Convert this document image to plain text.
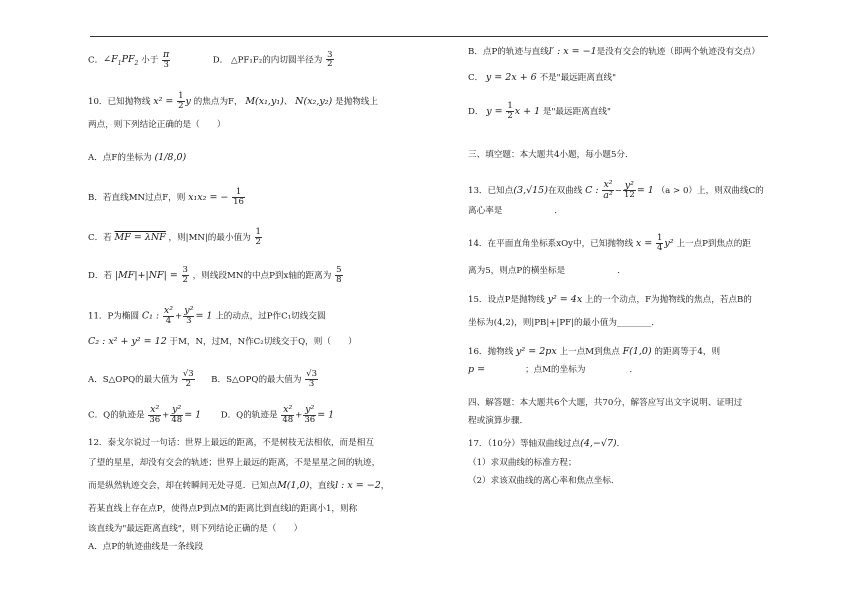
C．$\angle F_1PF_2$ 小于 $\frac{\pi}{3}$	D． △PF₁F₂的内切圆半径为 $\frac{3}{2}$
10．已知抛物线 $x^2 = \frac{1}{2}$ y 的焦点为F， M(x₁,y₁)、 N(x₂,y₂) 是抛物线上
两点，则下列结论正确的是（　　）
A．点F的坐标为 (1/8,0)
B．若直线MN过点F，则 x₁x₂ = − $\frac{1}{16}$
C．若 MF = λNF ，则|MN|的最小值为 $\frac{1}{2}$
D．若 $|MF|+|NF| = \frac{3}{2}$ ，则线段MN的中点P到x轴的距离为 $\frac{5}{8}$
11．P为椭圆 C₁ : $\frac{\text{x²}}{4} + \frac{\text{y²}}{3} = 1$ 上的动点，过P作C₁切线交圆
C₂ : x² + y² = 12 于M，N，过M，N作C₂切线交于Q，则（　　）
A．S△OPQ的最大值为 $\frac{√3}{2}$ B．S△OPQ的最大值为 $\frac{√3}{3}$
C．Q的轨迹是 $\frac{\text{x²}}{36} + \frac{\text{y²}}{48} = 1$ D．Q的轨迹是 $\frac{\text{x²}}{48} + \frac{\text{y²}}{36} = 1$
12．泰戈尔说过一句话：世界上最远的距离，不是树枝无法相依，而是相互
了望的星星，却没有交会的轨迹；世界上最远的距离，不是星星之间的轨迹，
而是纵然轨迹交会，却在转瞬间无处寻觅．已知点M(1,0)，直线l : x = −2，
若某直线上存在点P，使得点P到点M的距离比到直线l的距离小1，则称
该直线为"最远距离直线"，则下列结论正确的是（　　）
A．点P的轨迹曲线是一条线段
B．点P的轨迹与直线l′ : x = −1是没有交会的轨迹（即两个轨迹没有交点）
C． y = 2x + 6 不是"最远距离直线"
D． $y = \frac{1}{2}$ x + 1 是"最远距离直线"
三、填空题：本大题共4小题，每小题5分．
13．已知点(3,√15)在双曲线 C : $\frac{\text{x²}}{\text{a²}} - \frac{\text{y²}}{12} = 1$ （a > 0）上，则双曲线C的
离心率是	．
14．在平面直角坐标系xOy中，已知抛物线 $x = \frac{1}{4} y^2$ 上一点P到焦点的距
离为5，则点P的横坐标是	．
15．设点P是抛物线 y² = 4x 上的一个动点，F为抛物线的焦点，若点B的
坐标为(4,2)，则|PB|+|PF|的最小值为________．
16．抛物线 y² = 2px 上一点M到焦点 F(1,0) 的距离等于4，则
p =	；点M的坐标为	．
四、解答题：本大题共6个大题，共70分，解答应写出文字说明、证明过
程或演算步骤．
17．（10分）等轴双曲线过点(4,−√7)．
（1）求双曲线的标准方程；
（2）求该双曲线的离心率和焦点坐标．
